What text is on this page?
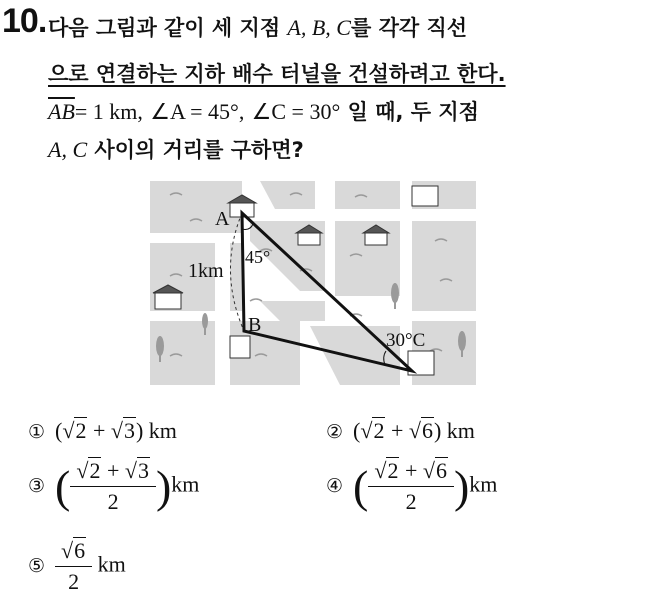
10. 다음 그림과 같이 세 지점 A, B, C를 각각 직선
으로 연결하는 지하 배수 터널을 건설하려고 한다.
$\overline{AB}= 1$ km, ∠A = 45°, ∠C = 30° 일 때, 두 지점
A, C 사이의 거리를 구하면?
A
B
1km
45°
30°C
① (√2 + √3) km	② (√2 + √6) km
③ ( $\frac{√2 + √3}{2} )km$	④ ( $\frac{√2 + √6}{2} )km$
⑤ $\frac{√6}{2}$ km
